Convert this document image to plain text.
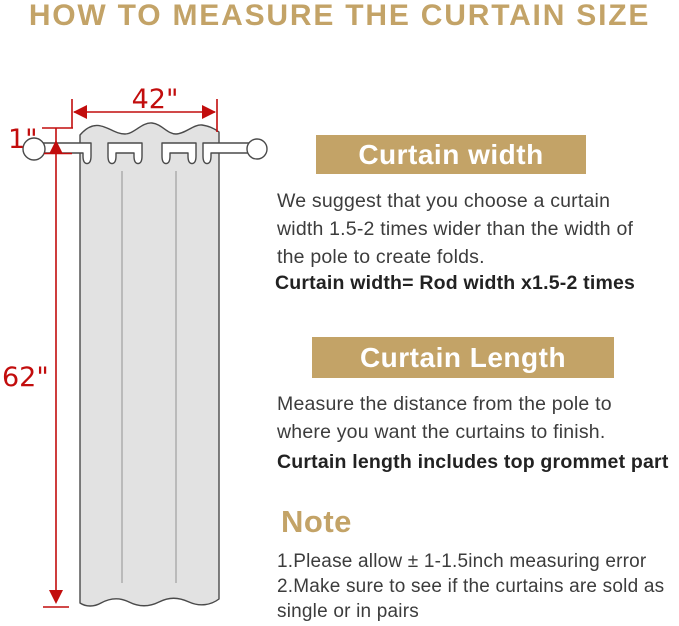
HOW TO MEASURE THE CURTAIN SIZE
42"
1"
62"
Curtain width
We suggest that you choose a curtain width 1.5-2 times wider than the width of the pole to create folds.
Curtain width= Rod width x1.5-2 times
Curtain Length
Measure the distance from the pole to where you want the curtains to finish.
Curtain length includes top grommet part
Note
1.Please allow ± 1-1.5inch measuring error
2.Make sure to see if the curtains are sold as single or in pairs
